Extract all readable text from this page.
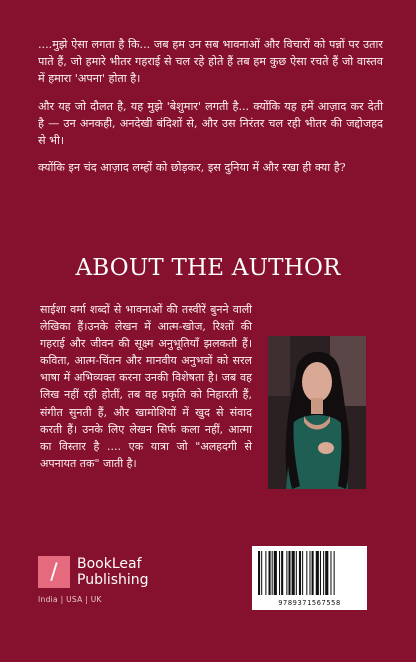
....मुझे ऐसा लगता है कि... जब हम उन सब भावनाओं और विचारों को पन्नों पर उतार पाते हैं, जो हमारे भीतर गहराई से चल रहे होते हैं तब हम कुछ ऐसा रचते हैं जो वास्तव में हमारा 'अपना' होता है।

और यह जो दौलत है, यह मुझे 'बेशुमार' लगती है... क्योंकि यह हमें आज़ाद कर देती है — उन अनकही, अनदेखी बंदिशों से, और उस निरंतर चल रही भीतर की जद्दोजहद से भी।

क्योंकि इन चंद आज़ाद लम्हों को छोड़कर, इस दुनिया में और रखा ही क्या है?

ABOUT THE AUTHOR
साईशा वर्मा शब्दों से भावनाओं की तस्वीरें बुनने वाली लेखिका हैं।उनके लेखन में आत्म-खोज, रिश्तों की गहराई और जीवन की सूक्ष्म अनुभूतियाँ झलकती हैं। कविता, आत्म-चिंतन और मानवीय अनुभवों को सरल भाषा में अभिव्यक्त करना उनकी विशेषता है। जब वह लिख नहीं रही होतीं, तब वह प्रकृति को निहारती हैं, संगीत सुनती हैं, और खामोशियों में खुद से संवाद करती हैं। उनके लिए लेखन सिर्फ कला नहीं, आत्मा का विस्तार है .... एक यात्रा जो "अलहदगी से अपनायत तक" जाती है।
/	BookLeaf
Publishing
India | USA | UK	9789371567558
